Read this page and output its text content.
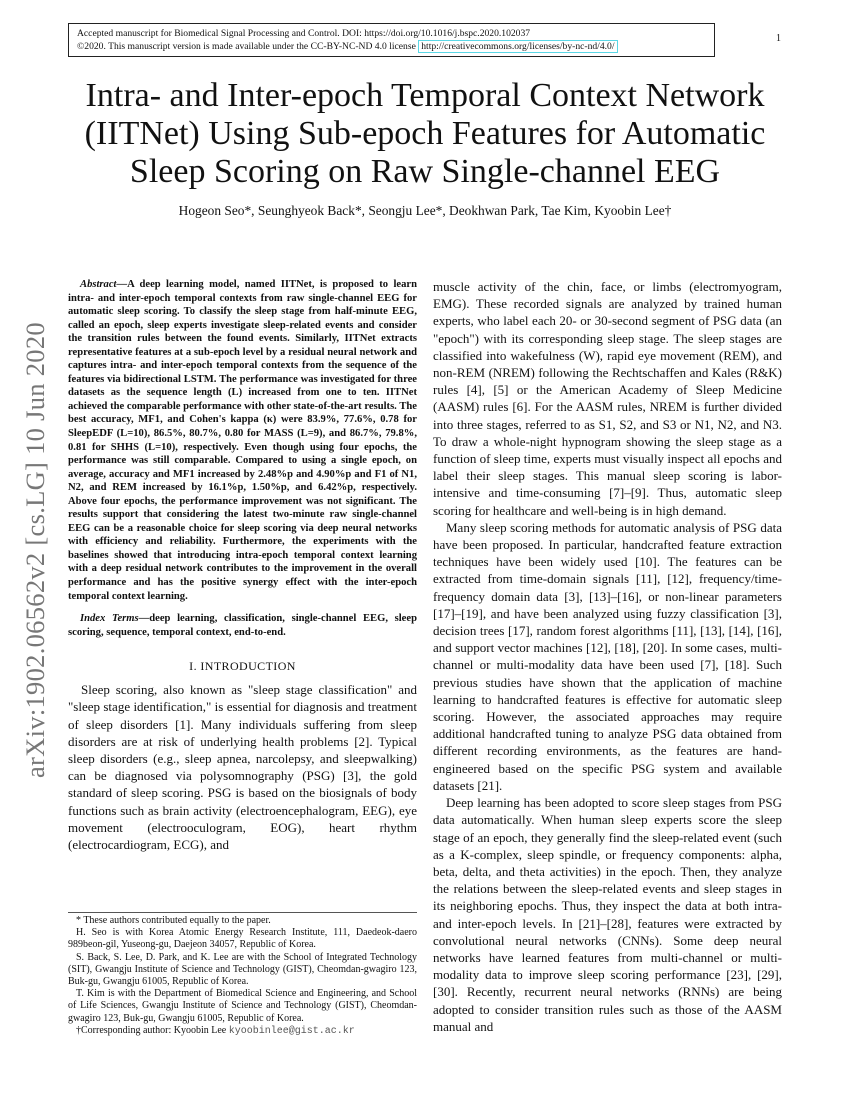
Accepted manuscript for Biomedical Signal Processing and Control. DOI: https://doi.org/10.1016/j.bspc.2020.102037
©2020. This manuscript version is made available under the CC-BY-NC-ND 4.0 license http://creativecommons.org/licenses/by-nc-nd/4.0/
1
arXiv:1902.06562v2 [cs.LG] 10 Jun 2020
Intra- and Inter-epoch Temporal Context Network (IITNet) Using Sub-epoch Features for Automatic Sleep Scoring on Raw Single-channel EEG
Hogeon Seo*, Seunghyeok Back*, Seongju Lee*, Deokhwan Park, Tae Kim, Kyoobin Lee†

Abstract—A deep learning model, named IITNet, is proposed to learn intra- and inter-epoch temporal contexts from raw single-channel EEG for automatic sleep scoring. To classify the sleep stage from half-minute EEG, called an epoch, sleep experts investigate sleep-related events and consider the transition rules between the found events. Similarly, IITNet extracts representative features at a sub-epoch level by a residual neural network and captures intra- and inter-epoch temporal contexts from the sequence of the features via bidirectional LSTM. The performance was investigated for three datasets as the sequence length (L) increased from one to ten. IITNet achieved the comparable performance with other state-of-the-art results. The best accuracy, MF1, and Cohen's kappa (κ) were 83.9%, 77.6%, 0.78 for SleepEDF (L=10), 86.5%, 80.7%, 0.80 for MASS (L=9), and 86.7%, 79.8%, 0.81 for SHHS (L=10), respectively. Even though using four epochs, the performance was still comparable. Compared to using a single epoch, on average, accuracy and MF1 increased by 2.48%p and 4.90%p and F1 of N1, N2, and REM increased by 16.1%p, 1.50%p, and 6.42%p, respectively. Above four epochs, the performance improvement was not significant. The results support that considering the latest two-minute raw single-channel EEG can be a reasonable choice for sleep scoring via deep neural networks with efficiency and reliability. Furthermore, the experiments with the baselines showed that introducing intra-epoch temporal context learning with a deep residual network contributes to the improvement in the overall performance and has the positive synergy effect with the inter-epoch temporal context learning.

Index Terms—deep learning, classification, single-channel EEG, sleep scoring, sequence, temporal context, end-to-end.

I. INTRODUCTION

Sleep scoring, also known as "sleep stage classification" and "sleep stage identification," is essential for diagnosis and treatment of sleep disorders [1]. Many individuals suffering from sleep disorders are at risk of underlying health problems [2]. Typical sleep disorders (e.g., sleep apnea, narcolepsy, and sleepwalking) can be diagnosed via polysomnography (PSG) [3], the gold standard of sleep scoring. PSG is based on the biosignals of body functions such as brain activity (electroencephalogram, EEG), eye movement (electrooculogram, EOG), heart rhythm (electrocardiogram, ECG), and

* These authors contributed equally to the paper.

H. Seo is with Korea Atomic Energy Research Institute, 111, Daedeok-daero 989beon-gil, Yuseong-gu, Daejeon 34057, Republic of Korea.

S. Back, S. Lee, D. Park, and K. Lee are with the School of Integrated Technology (SIT), Gwangju Institute of Science and Technology (GIST), Cheomdan-gwagiro 123, Buk-gu, Gwangju 61005, Republic of Korea.

T. Kim is with the Department of Biomedical Science and Engineering, and School of Life Sciences, Gwangju Institute of Science and Technology (GIST), Cheomdan-gwagiro 123, Buk-gu, Gwangju 61005, Republic of Korea.

†Corresponding author: Kyoobin Lee kyoobinlee@gist.ac.kr

muscle activity of the chin, face, or limbs (electromyogram, EMG). These recorded signals are analyzed by trained human experts, who label each 20- or 30-second segment of PSG data (an "epoch") with its corresponding sleep stage. The sleep stages are classified into wakefulness (W), rapid eye movement (REM), and non-REM (NREM) following the Rechtschaffen and Kales (R&K) rules [4], [5] or the American Academy of Sleep Medicine (AASM) rules [6]. For the AASM rules, NREM is further divided into three stages, referred to as S1, S2, and S3 or N1, N2, and N3. To draw a whole-night hypnogram showing the sleep stage as a function of sleep time, experts must visually inspect all epochs and label their sleep stages. This manual sleep scoring is labor-intensive and time-consuming [7]–[9]. Thus, automatic sleep scoring for healthcare and well-being is in high demand.

Many sleep scoring methods for automatic analysis of PSG data have been proposed. In particular, handcrafted feature extraction techniques have been widely used [10]. The features can be extracted from time-domain signals [11], [12], frequency/time-frequency domain data [3], [13]–[16], or non-linear parameters [17]–[19], and have been analyzed using fuzzy classification [3], decision trees [17], random forest algorithms [11], [13], [14], [16], and support vector machines [12], [18], [20]. In some cases, multi-channel or multi-modality data have been used [7], [18]. Such previous studies have shown that the application of machine learning to handcrafted features is effective for automatic sleep scoring. However, the associated approaches may require additional handcrafted tuning to analyze PSG data obtained from different recording environments, as the features are hand-engineered based on the specific PSG system and available datasets [21].

Deep learning has been adopted to score sleep stages from PSG data automatically. When human sleep experts score the sleep stage of an epoch, they generally find the sleep-related event (such as a K-complex, sleep spindle, or frequency components: alpha, beta, delta, and theta activities) in the epoch. Then, they analyze the relations between the sleep-related events and sleep stages in its neighboring epochs. Thus, they inspect the data at both intra- and inter-epoch levels. In [21]–[28], features were extracted by convolutional neural networks (CNNs). Some deep neural networks have learned features from multi-channel or multi-modality data to improve sleep scoring performance [23], [29], [30]. Recently, recurrent neural networks (RNNs) are being adopted to consider transition rules such as those of the AASM manual and
